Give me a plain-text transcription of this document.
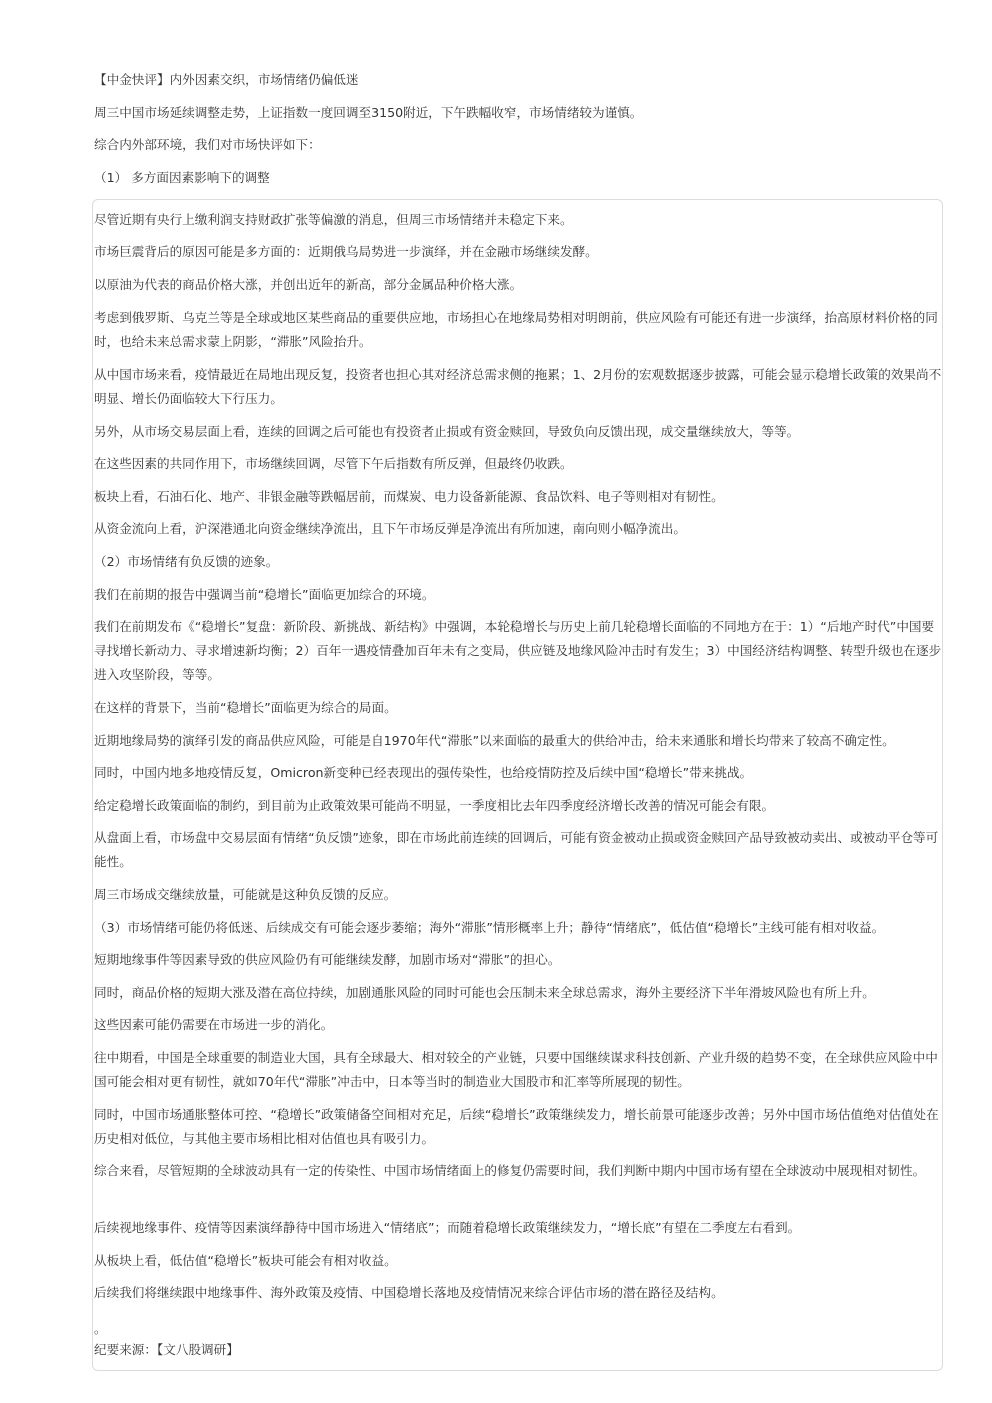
【中金快评】内外因素交织，市场情绪仍偏低迷

周三中国市场延续调整走势，上证指数一度回调至3150附近，下午跌幅收窄，市场情绪较为谨慎。

综合内外部环境，我们对市场快评如下：

（1） 多方面因素影响下的调整

尽管近期有央行上缴利润支持财政扩张等偏激的消息，但周三市场情绪并未稳定下来。

市场巨震背后的原因可能是多方面的：近期俄乌局势进一步演绎，并在金融市场继续发酵。

以原油为代表的商品价格大涨，并创出近年的新高，部分金属品种价格大涨。

考虑到俄罗斯、乌克兰等是全球或地区某些商品的重要供应地，市场担心在地缘局势相对明朗前，供应风险有可能还有进一步演绎，抬高原材料价格的同时，也给未来总需求蒙上阴影，“滞胀”风险抬升。

从中国市场来看，疫情最近在局地出现反复，投资者也担心其对经济总需求侧的拖累；1、2月份的宏观数据逐步披露，可能会显示稳增长政策的效果尚不明显、增长仍面临较大下行压力。

另外，从市场交易层面上看，连续的回调之后可能也有投资者止损或有资金赎回，导致负向反馈出现，成交量继续放大，等等。

在这些因素的共同作用下，市场继续回调，尽管下午后指数有所反弹，但最终仍收跌。

板块上看，石油石化、地产、非银金融等跌幅居前，而煤炭、电力设备新能源、食品饮料、电子等则相对有韧性。

从资金流向上看，沪深港通北向资金继续净流出，且下午市场反弹是净流出有所加速，南向则小幅净流出。

（2）市场情绪有负反馈的迹象。

我们在前期的报告中强调当前“稳增长”面临更加综合的环境。

我们在前期发布《“稳增长”复盘：新阶段、新挑战、新结构》中强调，本轮稳增长与历史上前几轮稳增长面临的不同地方在于：1）“后地产时代”中国要寻找增长新动力、寻求增速新均衡；2）百年一遇疫情叠加百年未有之变局，供应链及地缘风险冲击时有发生；3）中国经济结构调整、转型升级也在逐步进入攻坚阶段，等等。

在这样的背景下，当前“稳增长”面临更为综合的局面。

近期地缘局势的演绎引发的商品供应风险，可能是自1970年代“滞胀”以来面临的最重大的供给冲击，给未来通胀和增长均带来了较高不确定性。

同时，中国内地多地疫情反复，Omicron新变种已经表现出的强传染性，也给疫情防控及后续中国“稳增长”带来挑战。

给定稳增长政策面临的制约，到目前为止政策效果可能尚不明显，一季度相比去年四季度经济增长改善的情况可能会有限。

从盘面上看，市场盘中交易层面有情绪“负反馈”迹象，即在市场此前连续的回调后，可能有资金被动止损或资金赎回产品导致被动卖出、或被动平仓等可能性。

周三市场成交继续放量，可能就是这种负反馈的反应。

（3）市场情绪可能仍将低迷、后续成交有可能会逐步萎缩；海外“滞胀”情形概率上升；静待“情绪底”，低估值“稳增长”主线可能有相对收益。

短期地缘事件等因素导致的供应风险仍有可能继续发酵，加剧市场对“滞胀”的担心。

同时，商品价格的短期大涨及潜在高位持续，加剧通胀风险的同时可能也会压制未来全球总需求，海外主要经济下半年滑坡风险也有所上升。

这些因素可能仍需要在市场进一步的消化。

往中期看，中国是全球重要的制造业大国，具有全球最大、相对较全的产业链，只要中国继续谋求科技创新、产业升级的趋势不变，在全球供应风险中中国可能会相对更有韧性，就如70年代“滞胀”冲击中，日本等当时的制造业大国股市和汇率等所展现的韧性。

同时，中国市场通胀整体可控、“稳增长”政策储备空间相对充足，后续“稳增长”政策继续发力，增长前景可能逐步改善；另外中国市场估值绝对估值处在历史相对低位，与其他主要市场相比相对估值也具有吸引力。

综合来看，尽管短期的全球波动具有一定的传染性、中国市场情绪面上的修复仍需要时间，我们判断中期内中国市场有望在全球波动中展现相对韧性。

后续视地缘事件、疫情等因素演绎静待中国市场进入“情绪底”；而随着稳增长政策继续发力，“增长底”有望在二季度左右看到。

从板块上看，低估值“稳增长”板块可能会有相对收益。

后续我们将继续跟中地缘事件、海外政策及疫情、中国稳增长落地及疫情情况来综合评估市场的潜在路径及结构。

。

纪要来源：【文八股调研】
